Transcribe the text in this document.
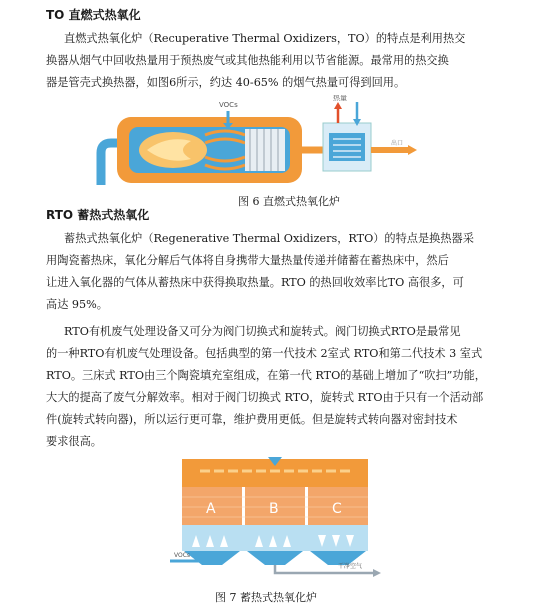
TO 直燃式热氧化
直燃式热氧化炉（Recuperative Thermal Oxidizers，TO）的特点是利用热交
换器从烟气中回收热量用于预热废气或其他热能利用以节省能源。最常用的热交换
器是管壳式换热器，如图6所示，约达 40-65% 的烟气热量可得到回用。
VOCs
热量
出口
图 6 直燃式热氧化炉
RTO 蓄热式热氧化
蓄热式热氧化炉（Regenerative Thermal Oxidizers，RTO）的特点是换热器采
用陶瓷蓄热床，氧化分解后气体将自身携带大量热量传递并储蓄在蓄热床中，然后
让进入氧化器的气体从蓄热床中获得换取热量。RTO 的热回收效率比TO 高很多，可
高达 95%。
RTO有机废气处理设备又可分为阀门切换式和旋转式。阀门切换式RTO是最常见
的一种RTO有机废气处理设备。包括典型的第一代技术 2室式 RTO和第二代技术 3 室式
RTO。三床式 RTO由三个陶瓷填充室组成，在第一代 RTO的基础上增加了“吹扫”功能，
大大的提高了废气分解效率。相对于阀门切换式 RTO，旋转式 RTO由于只有一个活动部
件(旋转式转向器)，所以运行更可靠，维护费用更低。但是旋转式转向器对密封技术
要求很高。
A	B	C
VOCs
干净空气
图 7 蓄热式热氧化炉
